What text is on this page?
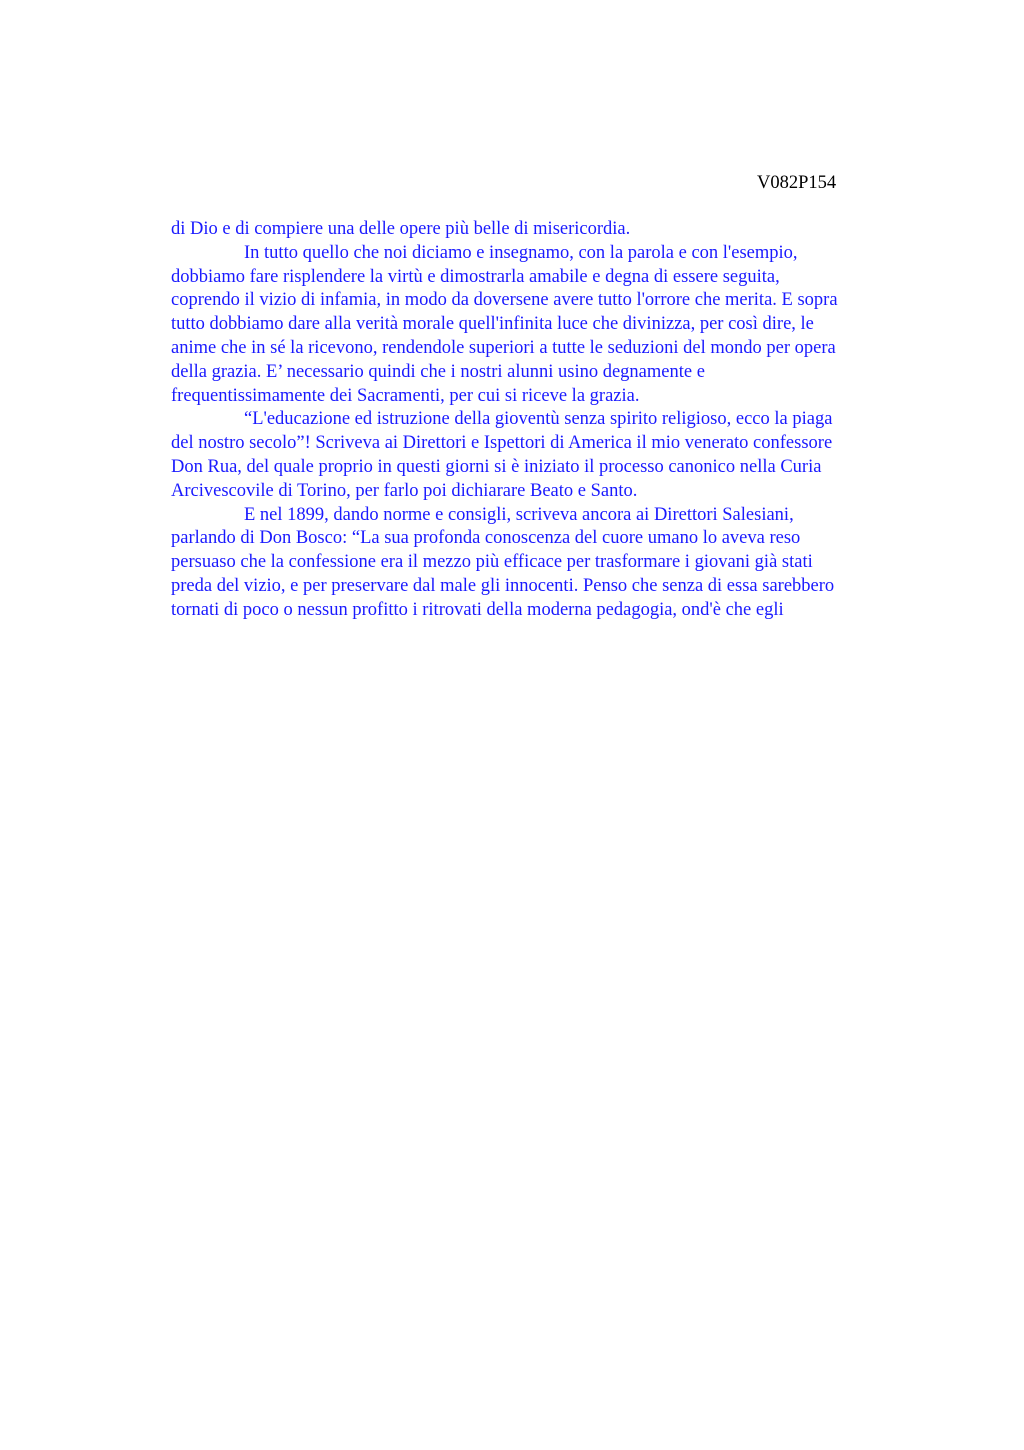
V082P154
di Dio e di compiere una delle opere più belle di misericordia.
In tutto quello che noi diciamo e insegnamo, con la parola e con l'esempio,
dobbiamo fare risplendere la virtù e dimostrarla amabile e degna di essere seguita,
coprendo il vizio di infamia, in modo da doversene avere tutto l'orrore che merita. E sopra
tutto dobbiamo dare alla verità morale quell'infinita luce che divinizza, per così dire, le
anime che in sé la ricevono, rendendole superiori a tutte le seduzioni del mondo per opera
della grazia. E’ necessario quindi che i nostri alunni usino degnamente e
frequentissimamente dei Sacramenti, per cui si riceve la grazia.
“L'educazione ed istruzione della gioventù senza spirito religioso, ecco la piaga
del nostro secolo”! Scriveva ai Direttori e Ispettori di America il mio venerato confessore
Don Rua, del quale proprio in questi giorni si è iniziato il processo canonico nella Curia
Arcivescovile di Torino, per farlo poi dichiarare Beato e Santo.
E nel 1899, dando norme e consigli, scriveva ancora ai Direttori Salesiani,
parlando di Don Bosco: “La sua profonda conoscenza del cuore umano lo aveva reso
persuaso che la confessione era il mezzo più efficace per trasformare i giovani già stati
preda del vizio, e per preservare dal male gli innocenti. Penso che senza di essa sarebbero
tornati di poco o nessun profitto i ritrovati della moderna pedagogia, ond'è che egli
